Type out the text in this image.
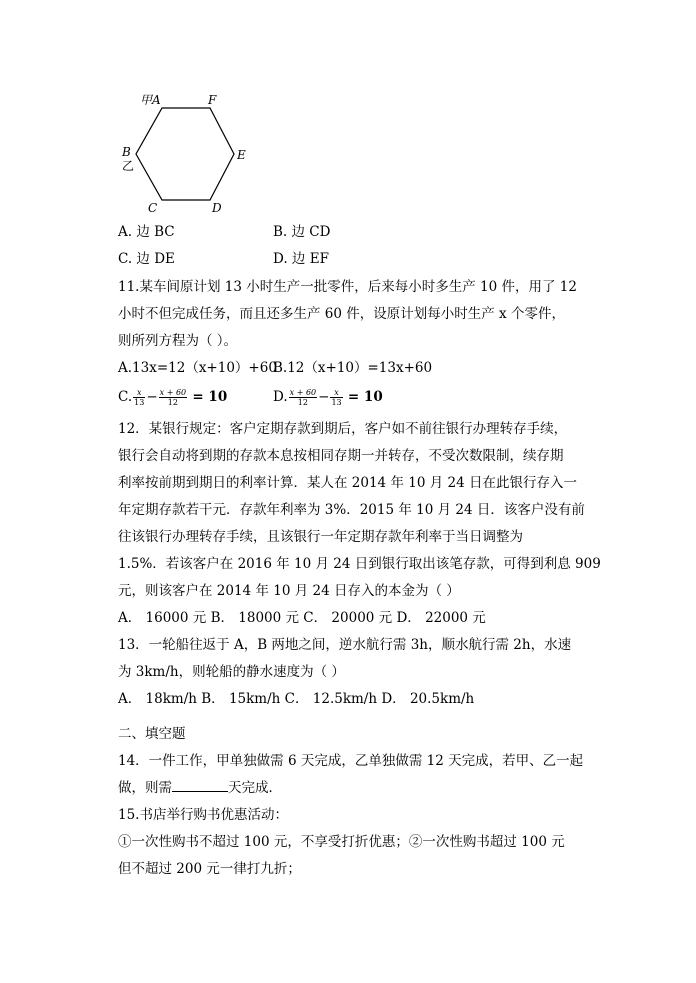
甲A	F
B
乙
E
C	D
A. 边 BC	B. 边 CD
C. 边 DE	D. 边 EF
11.某车间原计划 13 小时生产一批零件，后来每小时多生产 10 件，用了 12
小时不但完成任务，而且还多生产 60 件，设原计划每小时生产 x 个零件，
则所列方程为（ ）。
A.13x=12（x+10）+60
B.12（x+10）=13x+60
C. $\frac{x}{13} - \frac{x + 60}{12} = 10$	D. $\frac{x + 60}{12} - \frac{x}{13} = 10$
12．某银行规定：客户定期存款到期后，客户如不前往银行办理转存手续，
银行会自动将到期的存款本息按相同存期一并转存，不受次数限制，续存期
利率按前期到期日的利率计算．某人在 2014 年 10 月 24 日在此银行存入一
年定期存款若干元．存款年利率为 3%．2015 年 10 月 24 日．该客户没有前
往该银行办理转存手续，且该银行一年定期存款年利率于当日调整为
1.5%．若该客户在 2016 年 10 月 24 日到银行取出该笔存款，可得到利息 909
元，则该客户在 2014 年 10 月 24 日存入的本金为（ ）
A． 16000 元 B． 18000 元 C． 20000 元 D． 22000 元
13．一轮船往返于 A，B 两地之间，逆水航行需 3h，顺水航行需 2h，水速
为 3km/h，则轮船的静水速度为（ ）
A． 18km/h B． 15km/h C． 12.5km/h D． 20.5km/h
二、填空题
14．一件工作，甲单独做需 6 天完成，乙单独做需 12 天完成，若甲、乙一起
做，则需	天完成．
15.书店举行购书优惠活动：
①一次性购书不超过 100 元，不享受打折优惠；②一次性购书超过 100 元
但不超过 200 元一律打九折；
